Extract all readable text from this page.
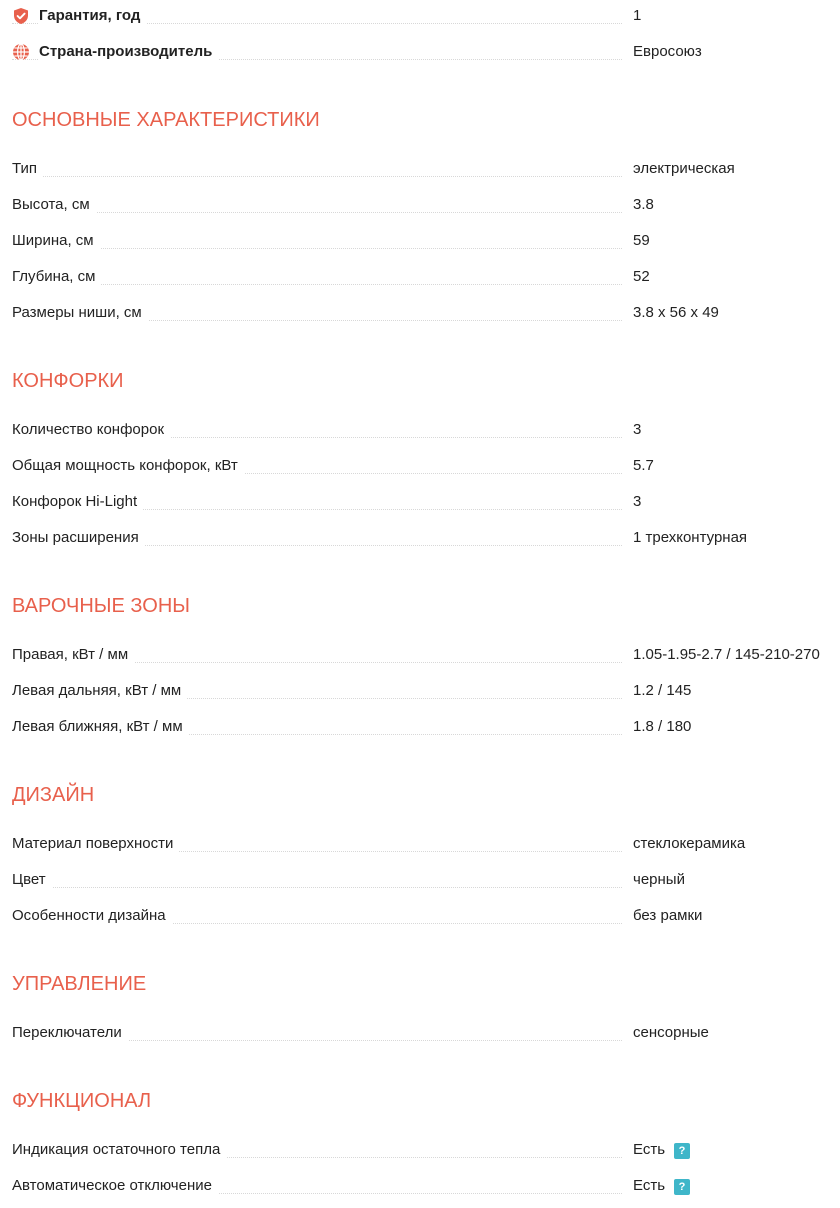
Гарантия, год	1
Страна-производитель	Евросоюз
ОСНОВНЫЕ ХАРАКТЕРИСТИКИ
Тип	электрическая
Высота, см	3.8
Ширина, см	59
Глубина, см	52
Размеры ниши, см	3.8 x 56 x 49
КОНФОРКИ
Количество конфорок	3
Общая мощность конфорок, кВт	5.7
Конфорок Hi-Light	3
Зоны расширения	1 трехконтурная
ВАРОЧНЫЕ ЗОНЫ
Правая, кВт / мм	1.05-1.95-2.7 / 145-210-270
Левая дальняя, кВт / мм	1.2 / 145
Левая ближняя, кВт / мм	1.8 / 180
ДИЗАЙН
Материал поверхности	стеклокерамика
Цвет	черный
Особенности дизайна	без рамки
УПРАВЛЕНИЕ
Переключатели	сенсорные
ФУНКЦИОНАЛ
Индикация остаточного тепла	Есть ?
Автоматическое отключение	Есть ?
